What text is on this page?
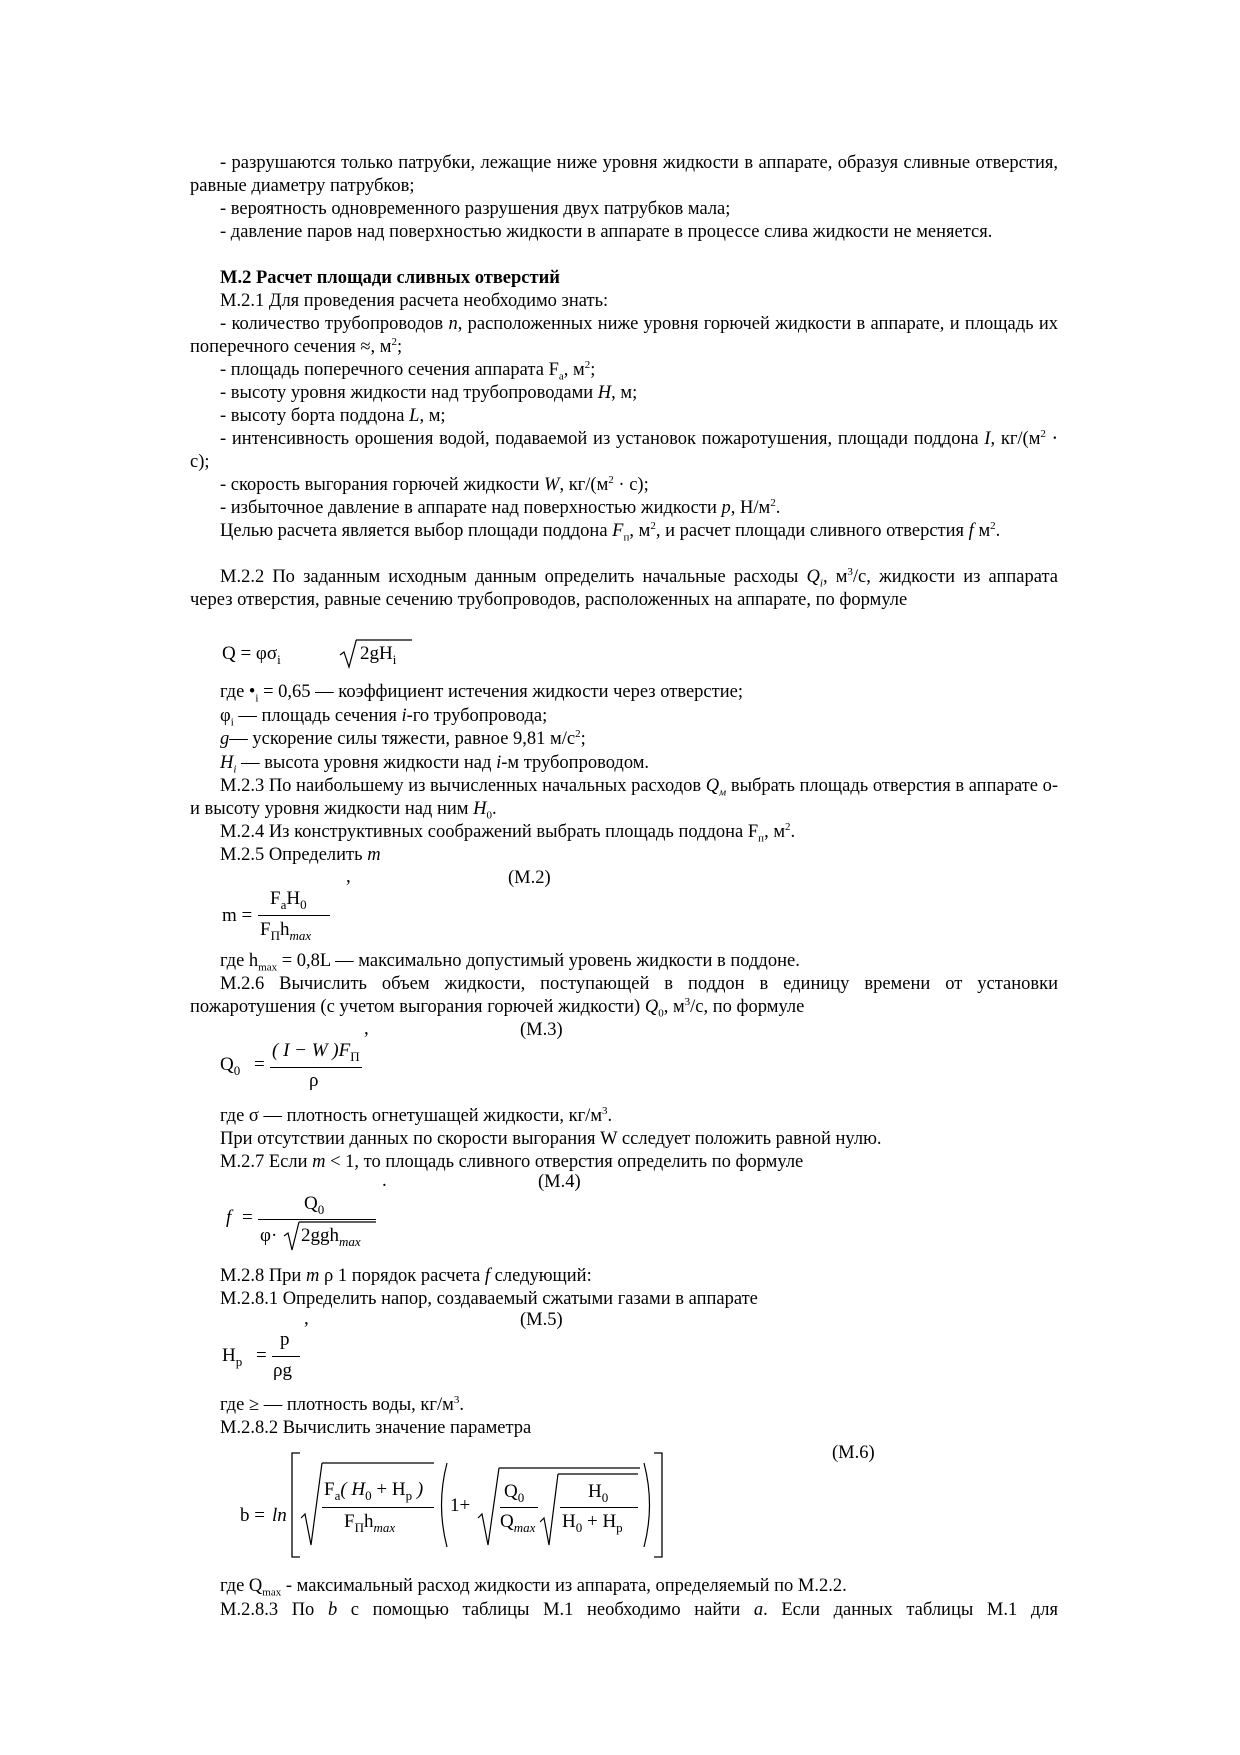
- разрушаются только патрубки, лежащие ниже уровня жидкости в аппарате, образуя сливные отверстия, равные диаметру патрубков;

- вероятность одновременного разрушения двух патрубков мала;

- давление паров над поверхностью жидкости в аппарате в процессе слива жидкости не меняется.

М.2 Расчет площади сливных отверстий

М.2.1 Для проведения расчета необходимо знать:

- количество трубопроводов n, расположенных ниже уровня горючей жидкости в аппарате, и площадь их поперечного сечения ≈, $м^2$;

- площадь поперечного сечения аппарата $F_а$, $м^2$;

- высоту уровня жидкости над трубопроводами H, м;

- высоту борта поддона L, м;

- интенсивность орошения водой, подаваемой из установок пожаротушения, площади поддона I, $кг/(м^2 \cdot с)$;

- скорость выгорания горючей жидкости W, $кг/(м^2 \cdot с)$;

- избыточное давление в аппарате над поверхностью жидкости p, $Н/м^2$.

Целью расчета является выбор площади поддона $F_п$, $м^2$, и расчет площади сливного отверстия f $м^2$.

М.2.2 По заданным исходным данным определить начальные расходы $Q_i$, $м^3/с$, жидкости из аппарата через отверстия, равные сечению трубопроводов, расположенных на аппарате, по формуле

$Q = \varphi\sigma_i$	$2gH_i$

где $•_i = 0,65$ — коэффициент истечения жидкости через отверстие;

$\varphi_i$ — площадь сечения i-го трубопровода;

g— ускорение силы тяжести, равное 9,81 $м/с^2$;

$H_i$ — высота уровня жидкости над i-м трубопроводом.

М.2.3 По наибольшему из вычисленных начальных расходов $Q_м$ выбрать площадь отверстия в аппарате о- и высоту уровня жидкости над ним $H_0$.

М.2.4 Из конструктивных соображений выбрать площадь поддона $F_п$, $м^2$.

М.2.5 Определить m

,	(М.2)
m =
$F_aH_0$
$F_Пh_{max}$

где $h_{max} = 0,8L$ — максимально допустимый уровень жидкости в поддоне.

М.2.6 Вычислить объем жидкости, поступающей в поддон в единицу времени от установки пожаротушения (с учетом выгорания горючей жидкости) $Q_0$, $м^3/с$, по формуле

,	(М.3)
$Q_0$ =
( I − W )$F_П$
ρ

где σ — плотность огнетушащей жидкости, $кг/м^3$.

При отсутствии данных по скорости выгорания W сследует положить равной нулю.

М.2.7 Если m < 1, то площадь сливного отверстия определить по формуле

.	(М.4)
f =
$Q_0$
φ· 2ggh$_{max}$

М.2.8 При m ρ 1 порядок расчета f следующий:

М.2.8.1 Определить напор, создаваемый сжатыми газами в аппарате

,	(М.5)
$H_р$ =
p
ρg

где ≥ — плотность воды, $кг/м^3$.

М.2.8.2 Вычислить значение параметра

(М.6)
b = ln
$F_a$( $H_0 + H_p$ )
$F_Пh_{max}$
1+
$Q_0$
$Q_{max}$
$H_0$
$H_0 + H_p$

где $Q_{max}$ - максимальный расход жидкости из аппарата, определяемый по М.2.2.

М.2.8.3 По b с помощью таблицы М.1 необходимо найти a. Если данных таблицы М.1 для
